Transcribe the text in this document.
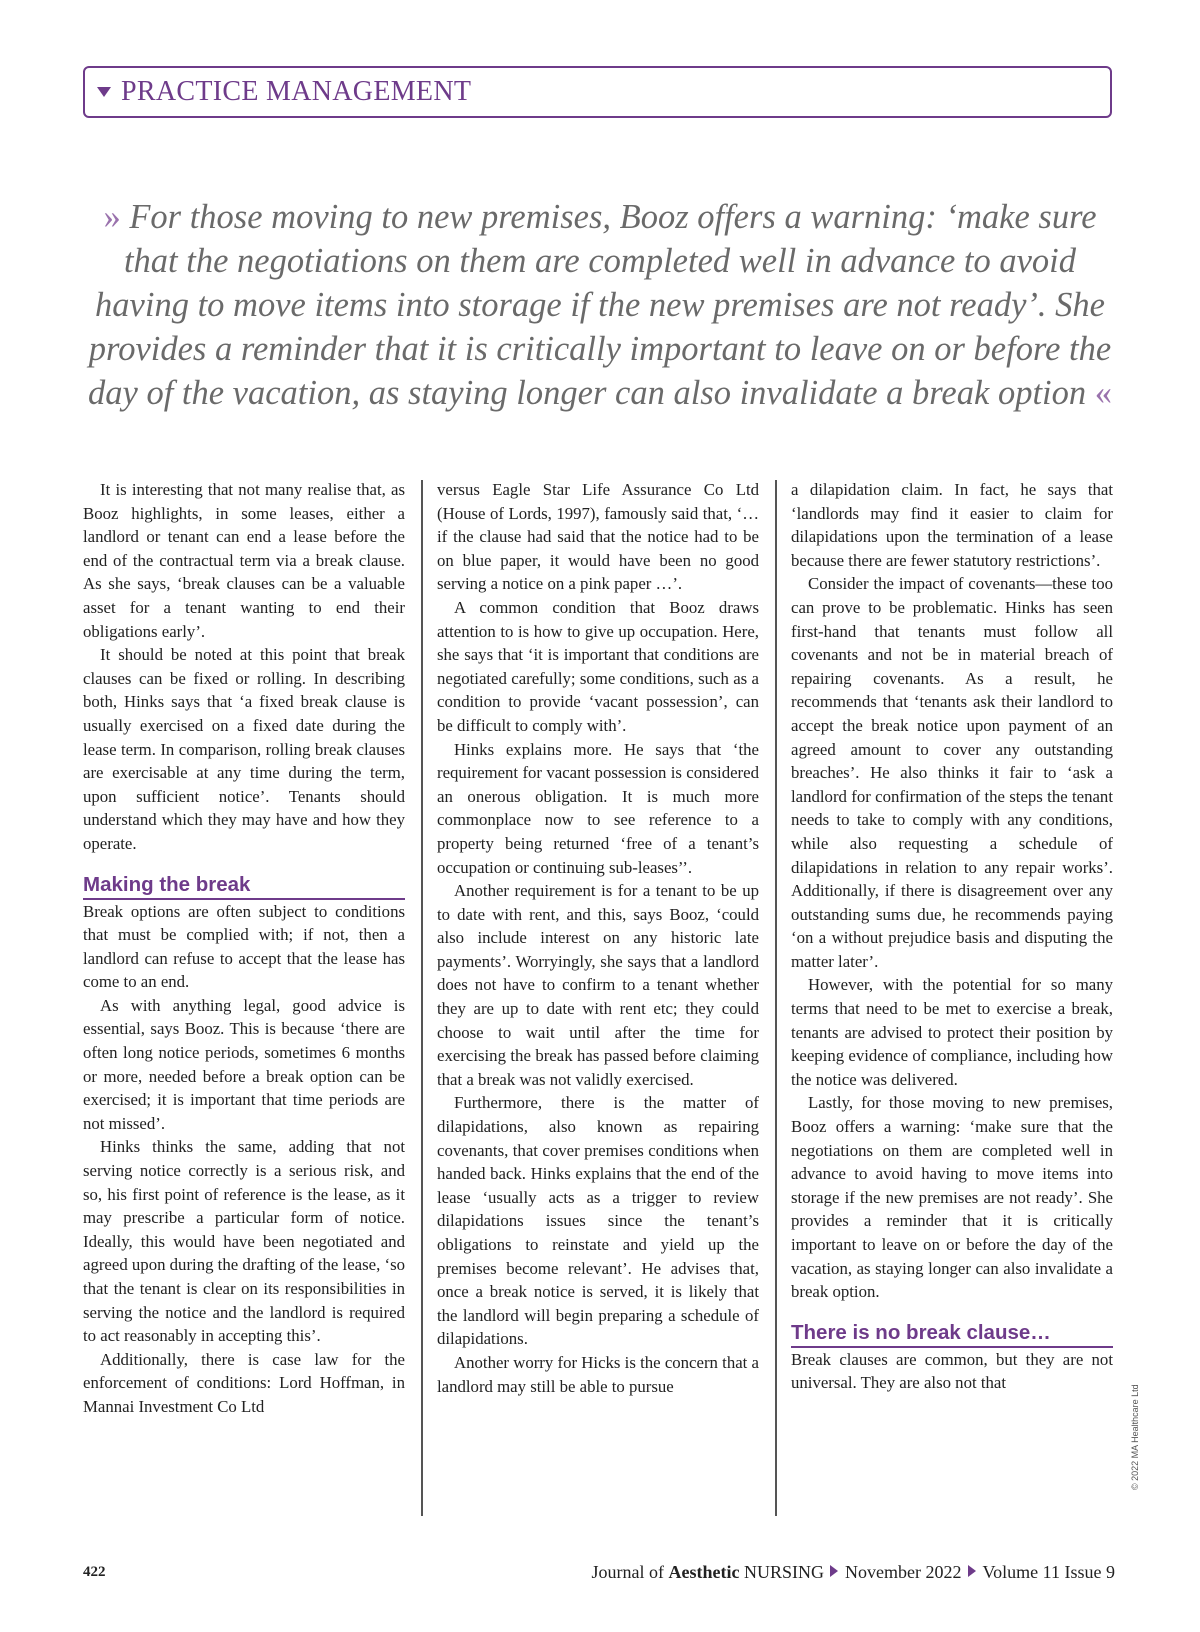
PRACTICE MANAGEMENT
» For those moving to new premises, Booz offers a warning: ‘make sure that the negotiations on them are completed well in advance to avoid having to move items into storage if the new premises are not ready’. She provides a reminder that it is critically important to leave on or before the day of the vacation, as staying longer can also invalidate a break option «

It is interesting that not many realise that, as Booz highlights, in some leases, either a landlord or tenant can end a lease before the end of the contractual term via a break clause. As she says, ‘break clauses can be a valuable asset for a tenant wanting to end their obligations early’.

It should be noted at this point that break clauses can be fixed or rolling. In describing both, Hinks says that ‘a fixed break clause is usually exercised on a fixed date during the lease term. In comparison, rolling break clauses are exercisable at any time during the term, upon sufficient notice’. Tenants should understand which they may have and how they operate.

Making the break

Break options are often subject to conditions that must be complied with; if not, then a landlord can refuse to accept that the lease has come to an end.

As with anything legal, good advice is essential, says Booz. This is because ‘there are often long notice periods, sometimes 6 months or more, needed before a break option can be exercised; it is important that time periods are not missed’.

Hinks thinks the same, adding that not serving notice correctly is a serious risk, and so, his first point of reference is the lease, as it may prescribe a particular form of notice. Ideally, this would have been negotiated and agreed upon during the drafting of the lease, ‘so that the tenant is clear on its responsibilities in serving the notice and the landlord is required to act reasonably in accepting this’.

Additionally, there is case law for the enforcement of conditions: Lord Hoffman, in Mannai Investment Co Ltd

versus Eagle Star Life Assurance Co Ltd (House of Lords, 1997), famously said that, ‘… if the clause had said that the notice had to be on blue paper, it would have been no good serving a notice on a pink paper …’.

A common condition that Booz draws attention to is how to give up occupation. Here, she says that ‘it is important that conditions are negotiated carefully; some conditions, such as a condition to provide ‘vacant possession’, can be difficult to comply with’.

Hinks explains more. He says that ‘the requirement for vacant possession is considered an onerous obligation. It is much more commonplace now to see reference to a property being returned ‘free of a tenant’s occupation or continuing sub-leases’’.

Another requirement is for a tenant to be up to date with rent, and this, says Booz, ‘could also include interest on any historic late payments’. Worryingly, she says that a landlord does not have to confirm to a tenant whether they are up to date with rent etc; they could choose to wait until after the time for exercising the break has passed before claiming that a break was not validly exercised.

Furthermore, there is the matter of dilapidations, also known as repairing covenants, that cover premises conditions when handed back. Hinks explains that the end of the lease ‘usually acts as a trigger to review dilapidations issues since the tenant’s obligations to reinstate and yield up the premises become relevant’. He advises that, once a break notice is served, it is likely that the landlord will begin preparing a schedule of dilapidations.

Another worry for Hicks is the concern that a landlord may still be able to pursue

a dilapidation claim. In fact, he says that ‘landlords may find it easier to claim for dilapidations upon the termination of a lease because there are fewer statutory restrictions’.

Consider the impact of covenants—these too can prove to be problematic. Hinks has seen first-hand that tenants must follow all covenants and not be in material breach of repairing covenants. As a result, he recommends that ‘tenants ask their landlord to accept the break notice upon payment of an agreed amount to cover any outstanding breaches’. He also thinks it fair to ‘ask a landlord for confirmation of the steps the tenant needs to take to comply with any conditions, while also requesting a schedule of dilapidations in relation to any repair works’. Additionally, if there is disagreement over any outstanding sums due, he recommends paying ‘on a without prejudice basis and disputing the matter later’.

However, with the potential for so many terms that need to be met to exercise a break, tenants are advised to protect their position by keeping evidence of compliance, including how the notice was delivered.

Lastly, for those moving to new premises, Booz offers a warning: ‘make sure that the negotiations on them are completed well in advance to avoid having to move items into storage if the new premises are not ready’. She provides a reminder that it is critically important to leave on or before the day of the vacation, as staying longer can also invalidate a break option.

There is no break clause…

Break clauses are common, but they are not universal. They are also not that

© 2022 MA Healthcare Ltd
422	Journal of Aesthetic NURSING November 2022 Volume 11 Issue 9
